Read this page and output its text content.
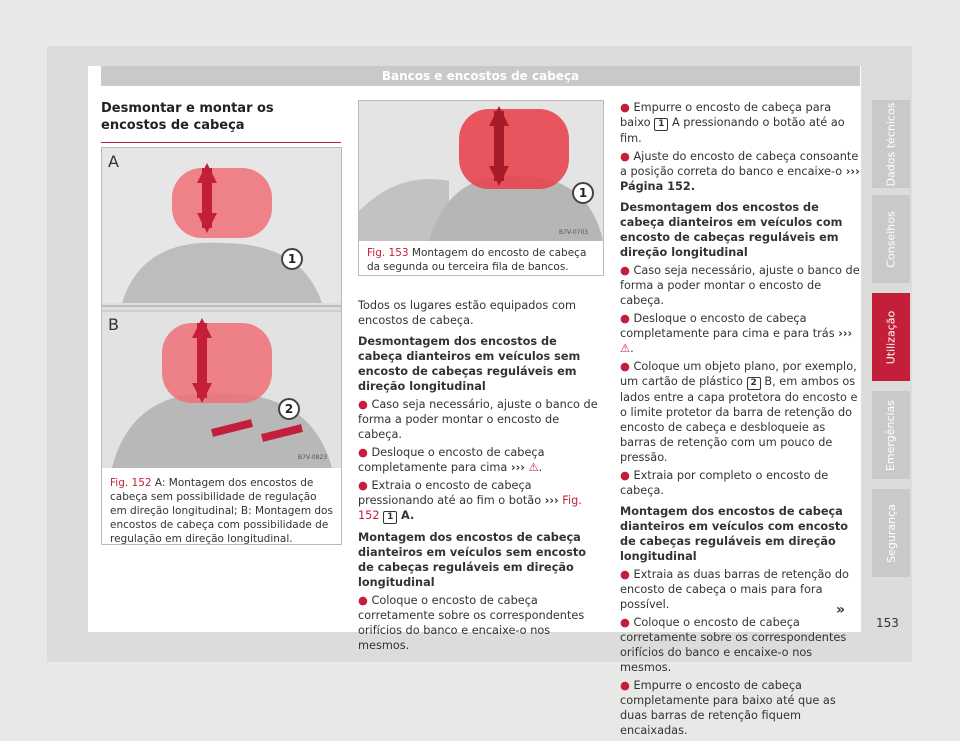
Bancos e encostos de cabeça
Desmontar e montar os encostos de cabeça
A
B
1
2
B7V-0823
Fig. 152 A: Montagem dos encostos de cabeça sem possibilidade de regulação em direção longitudinal; B: Montagem dos encostos de cabeça com possibilidade de regulação em direção longitudinal.
1
B7V-0703
Fig. 153 Montagem do encosto de cabeça da segunda ou terceira fila de bancos.

Todos os lugares estão equipados com encostos de cabeça.

Desmontagem dos encostos de cabeça dianteiros em veículos sem encosto de cabeças reguláveis em direção longitudinal

● Caso seja necessário, ajuste o banco de forma a poder montar o encosto de cabeça.

● Desloque o encosto de cabeça completamente para cima ››› ⚠.

● Extraia o encosto de cabeça pressionando até ao fim o botão ››› Fig. 152 1 A.

Montagem dos encostos de cabeça dianteiros em veículos sem encosto de cabeças reguláveis em direção longitudinal

● Coloque o encosto de cabeça corretamente sobre os correspondentes orifícios do banco e encaixe-o nos mesmos.

● Empurre o encosto de cabeça para baixo 1 A pressionando o botão até ao fim.

● Ajuste do encosto de cabeça consoante a posição correta do banco e encaixe-o ››› Página 152.

Desmontagem dos encostos de cabeça dianteiros em veículos com encosto de cabeças reguláveis em direção longitudinal

● Caso seja necessário, ajuste o banco de forma a poder montar o encosto de cabeça.

● Desloque o encosto de cabeça completamente para cima e para trás ››› ⚠.

● Coloque um objeto plano, por exemplo, um cartão de plástico 2 B, em ambos os lados entre a capa protetora do encosto e o limite protetor da barra de retenção do encosto de cabeça e desbloqueie as barras de retenção com um pouco de pressão.

● Extraia por completo o encosto de cabeça.

Montagem dos encostos de cabeça dianteiros em veículos com encosto de cabeças reguláveis em direção longitudinal

● Extraia as duas barras de retenção do encosto de cabeça o mais para fora possível.

● Coloque o encosto de cabeça corretamente sobre os correspondentes orifícios do banco e encaixe-o nos mesmos.

● Empurre o encosto de cabeça completamente para baixo até que as duas barras de retenção fiquem encaixadas.

Dados técnicos
Conselhos
Utilização
Emergências
Segurança
»
153
